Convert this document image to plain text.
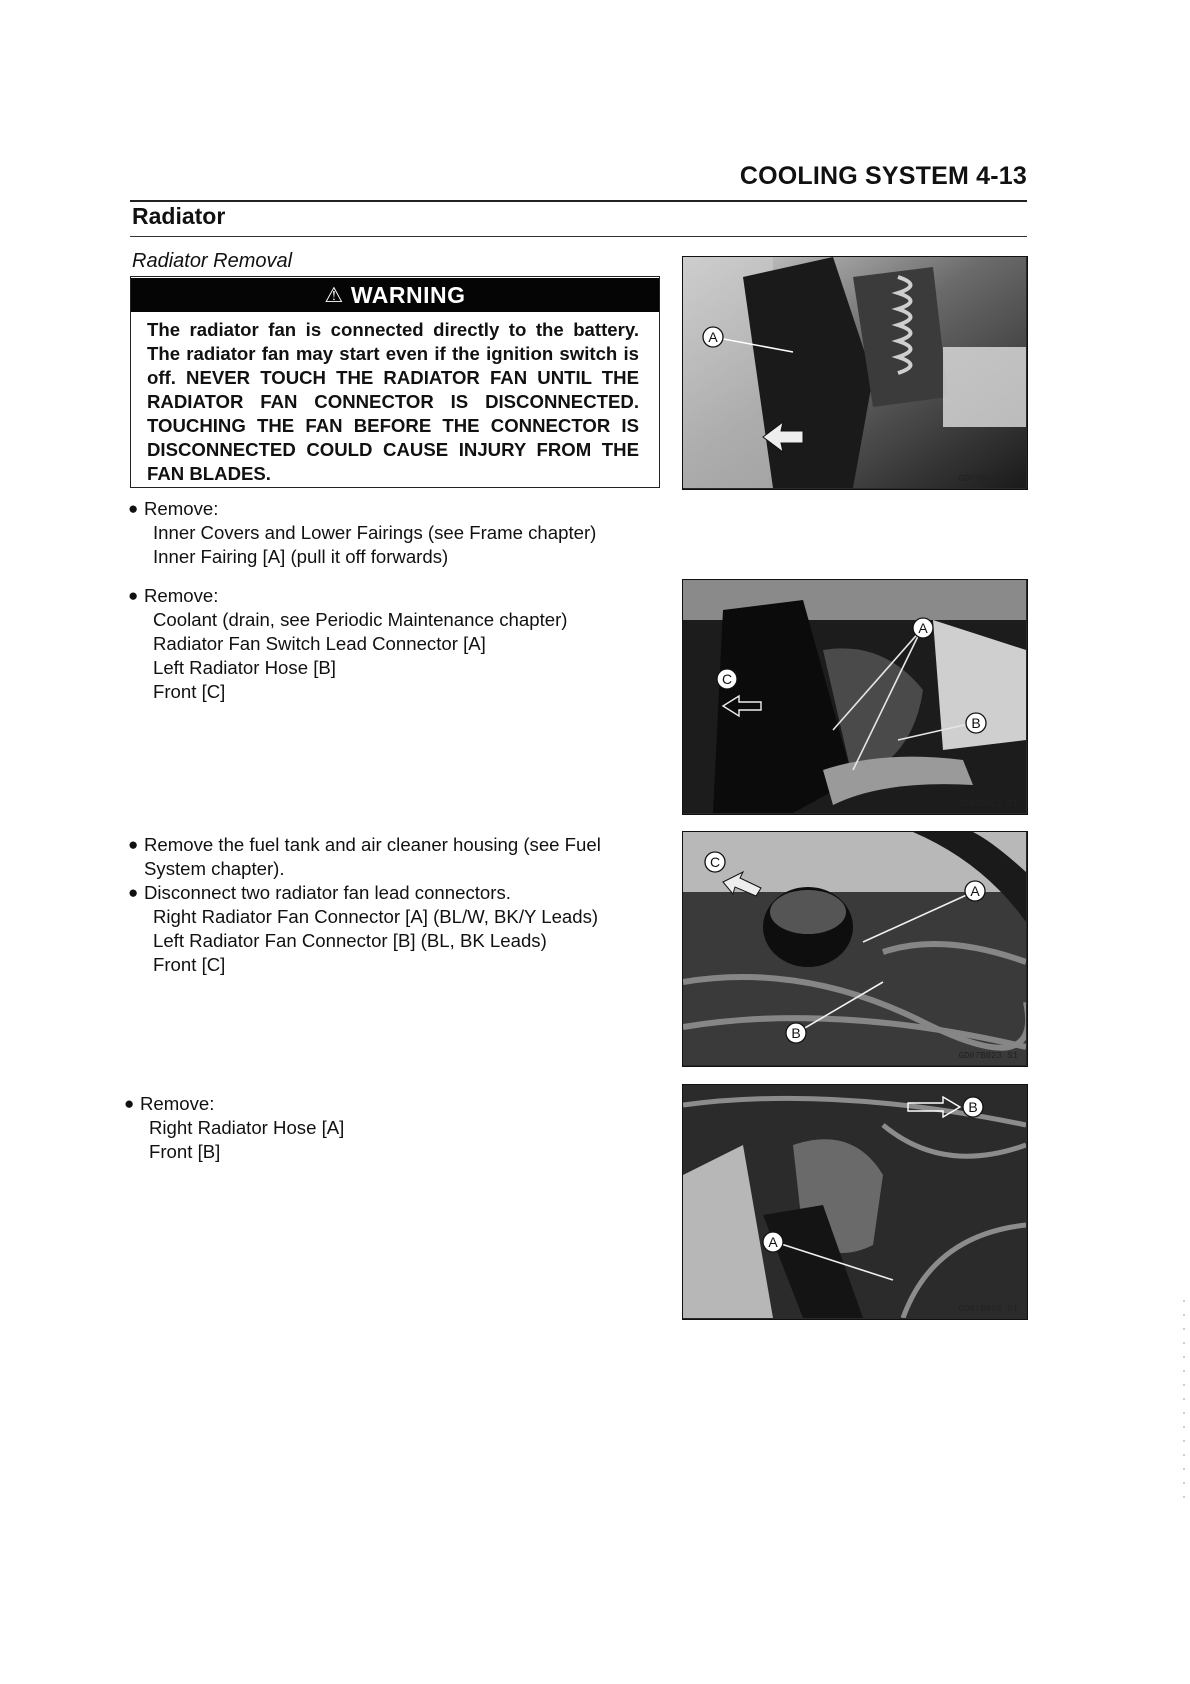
COOLING SYSTEM 4-13
Radiator
Radiator Removal
⚠ WARNING
The radiator fan is connected directly to the battery. The radiator fan may start even if the ignition switch is off. NEVER TOUCH THE RADIATOR FAN UNTIL THE RADIATOR FAN CONNECTOR IS DISCONNECTED. TOUCHING THE FAN BEFORE THE CONNECTOR IS DISCONNECTED COULD CAUSE INJURY FROM THE FAN BLADES.
● Remove:
Inner Covers and Lower Fairings (see Frame chapter)
Inner Fairing [A] (pull it off forwards)
● Remove:
Coolant (drain, see Periodic Maintenance chapter)
Radiator Fan Switch Lead Connector [A]
Left Radiator Hose [B]
Front [C]
● Remove the fuel tank and air cleaner housing (see Fuel System chapter).
● Disconnect two radiator fan lead connectors.
Right Radiator Fan Connector [A] (BL/W, BK/Y Leads)
Left Radiator Fan Connector [B] (BL, BK Leads)
Front [C]
● Remove:
Right Radiator Hose [A]
Front [B]
A
GD07B024 S1
A
B
C
GD07B022 S1
A
B
C
GD07B023 S1
A
B
GD07B026 S1
